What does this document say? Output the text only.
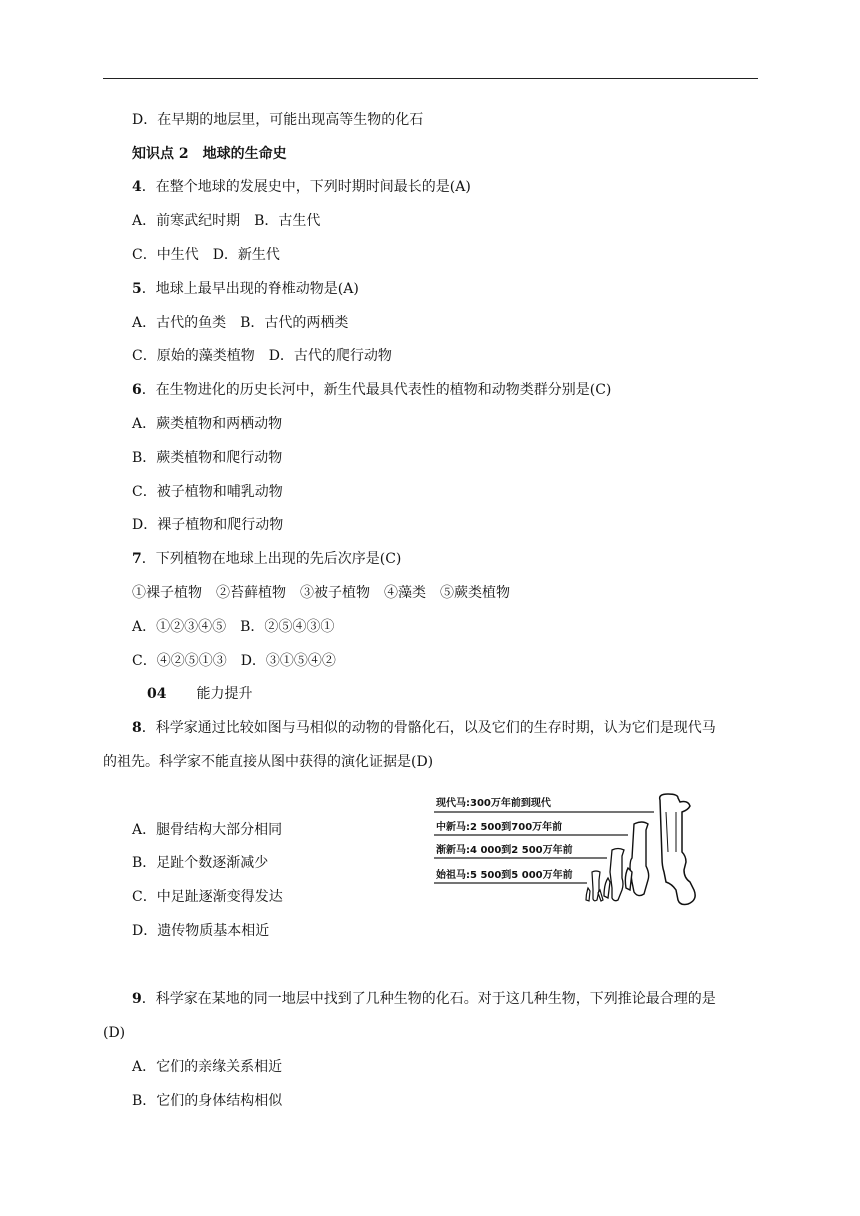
D．在早期的地层里，可能出现高等生物的化石
知识点 2　地球的生命史
4．在整个地球的发展史中，下列时期时间最长的是(A)
A．前寒武纪时期　B．古生代
C．中生代　D．新生代
5．地球上最早出现的脊椎动物是(A)
A．古代的鱼类　B．古代的两栖类
C．原始的藻类植物　D．古代的爬行动物
6．在生物进化的历史长河中，新生代最具代表性的植物和动物类群分别是(C)
A．蕨类植物和两栖动物
B．蕨类植物和爬行动物
C．被子植物和哺乳动物
D．裸子植物和爬行动物
7．下列植物在地球上出现的先后次序是(C)
①裸子植物　②苔藓植物　③被子植物　④藻类　⑤蕨类植物
A．①②③④⑤　B．②⑤④③①
C．④②⑤①③　D．③①⑤④②
04 能力提升
8．科学家通过比较如图与马相似的动物的骨骼化石，以及它们的生存时期，认为它们是现代马
的祖先。科学家不能直接从图中获得的演化证据是(D)
A．腿骨结构大部分相同
B．足趾个数逐渐减少
C．中足趾逐渐变得发达
D．遗传物质基本相近
现代马:300万年前到现代
中新马:2 500到700万年前
渐新马:4 000到2 500万年前
始祖马:5 500到5 000万年前
9．科学家在某地的同一地层中找到了几种生物的化石。对于这几种生物，下列推论最合理的是
(D)
A．它们的亲缘关系相近
B．它们的身体结构相似
